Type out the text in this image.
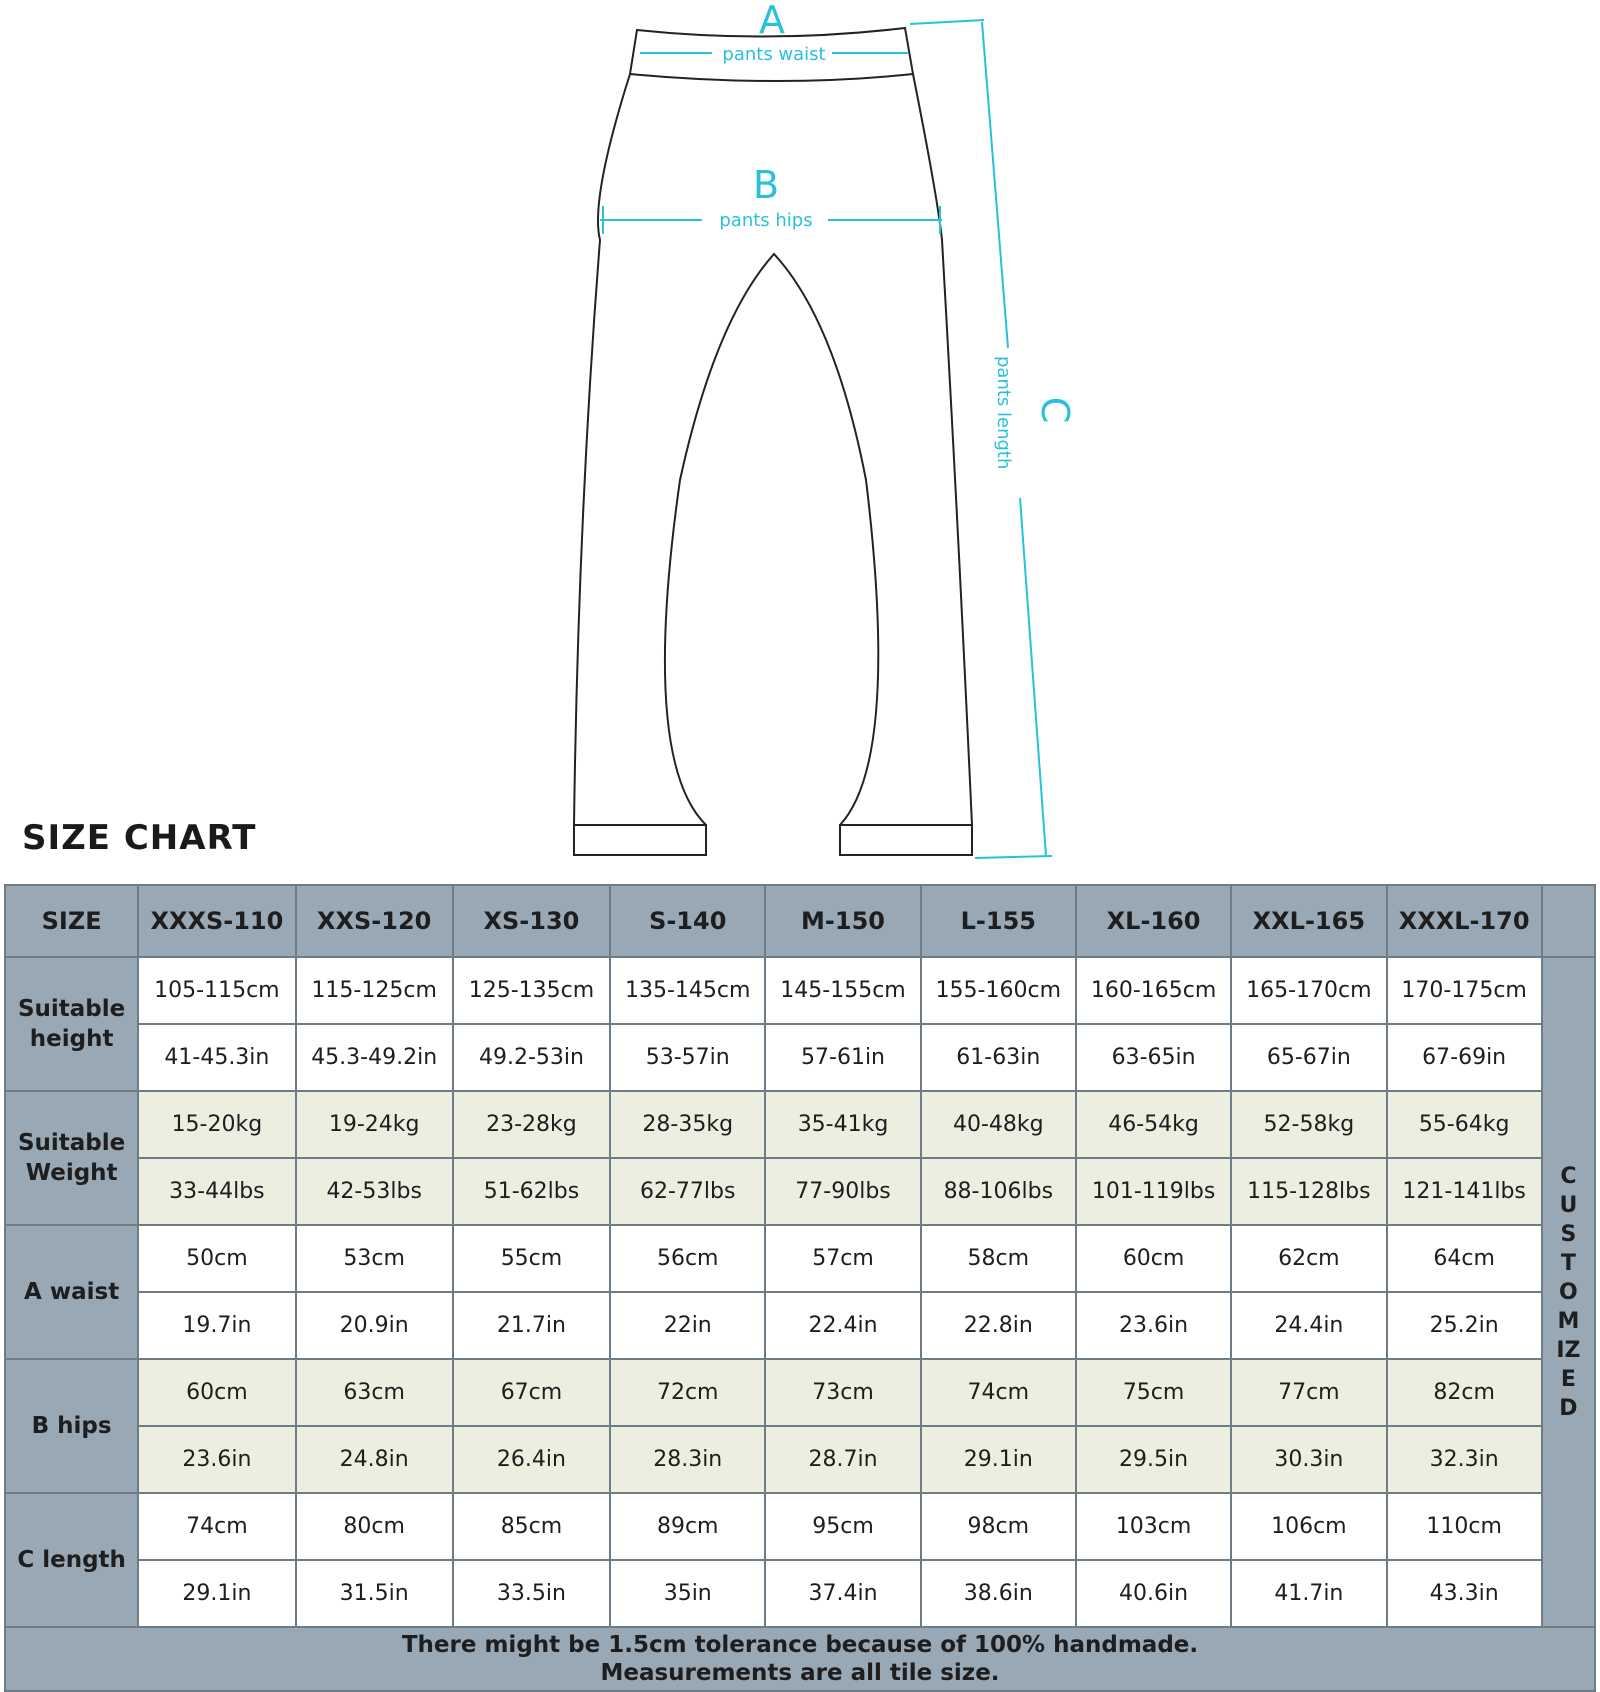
A
pants waist
B
pants hips
pants length C
SIZE CHART
SIZE	XXXS-110	XXS-120	XS-130	S-140	M-150	L-155	XL-160	XXL-165	XXXL-170	
Suitable height	105-115cm	115-125cm	125-135cm	135-145cm	145-155cm	155-160cm	160-165cm	165-170cm	170-175cm	CUSTOMIZED
	41-45.3in	45.3-49.2in	49.2-53in	53-57in	57-61in	61-63in	63-65in	65-67in	67-69in	
Suitable Weight	15-20kg	19-24kg	23-28kg	28-35kg	35-41kg	40-48kg	46-54kg	52-58kg	55-64kg	
	33-44lbs	42-53lbs	51-62lbs	62-77lbs	77-90lbs	88-106lbs	101-119lbs	115-128lbs	121-141lbs	
A waist	50cm	53cm	55cm	56cm	57cm	58cm	60cm	62cm	64cm	
	19.7in	20.9in	21.7in	22in	22.4in	22.8in	23.6in	24.4in	25.2in	
B hips	60cm	63cm	67cm	72cm	73cm	74cm	75cm	77cm	82cm	
	23.6in	24.8in	26.4in	28.3in	28.7in	29.1in	29.5in	30.3in	32.3in	
C length	74cm	80cm	85cm	89cm	95cm	98cm	103cm	106cm	110cm	
	29.1in	31.5in	33.5in	35in	37.4in	38.6in	40.6in	41.7in	43.3in	

There might be 1.5cm tolerance because of 100% handmade.
Measurements are all tile size.										
